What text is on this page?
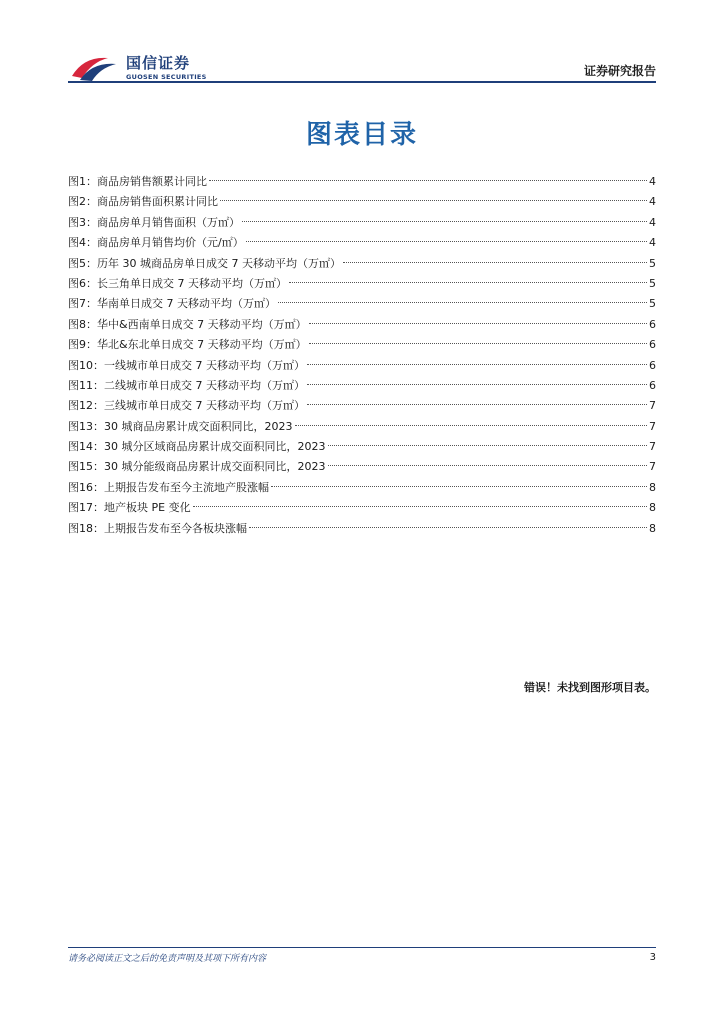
国信证券
GUOSEN SECURITIES	证券研究报告
图表目录
图1： 商品房销售额累计同比	4
图2： 商品房销售面积累计同比	4
图3： 商品房单月销售面积（万㎡）	4
图4： 商品房单月销售均价（元/㎡）	4
图5： 历年 30 城商品房单日成交 7 天移动平均（万㎡）	5
图6： 长三角单日成交 7 天移动平均（万㎡）	5
图7： 华南单日成交 7 天移动平均（万㎡）	5
图8： 华中&西南单日成交 7 天移动平均（万㎡）	6
图9： 华北&东北单日成交 7 天移动平均（万㎡）	6
图10： 一线城市单日成交 7 天移动平均（万㎡）	6
图11： 二线城市单日成交 7 天移动平均（万㎡）	6
图12： 三线城市单日成交 7 天移动平均（万㎡）	7
图13： 30 城商品房累计成交面积同比，2023	7
图14： 30 城分区域商品房累计成交面积同比，2023	7
图15： 30 城分能级商品房累计成交面积同比，2023	7
图16： 上期报告发布至今主流地产股涨幅	8
图17： 地产板块 PE 变化	8
图18： 上期报告发布至今各板块涨幅	8
错误！未找到图形项目表。
请务必阅读正文之后的免责声明及其项下所有内容	3
